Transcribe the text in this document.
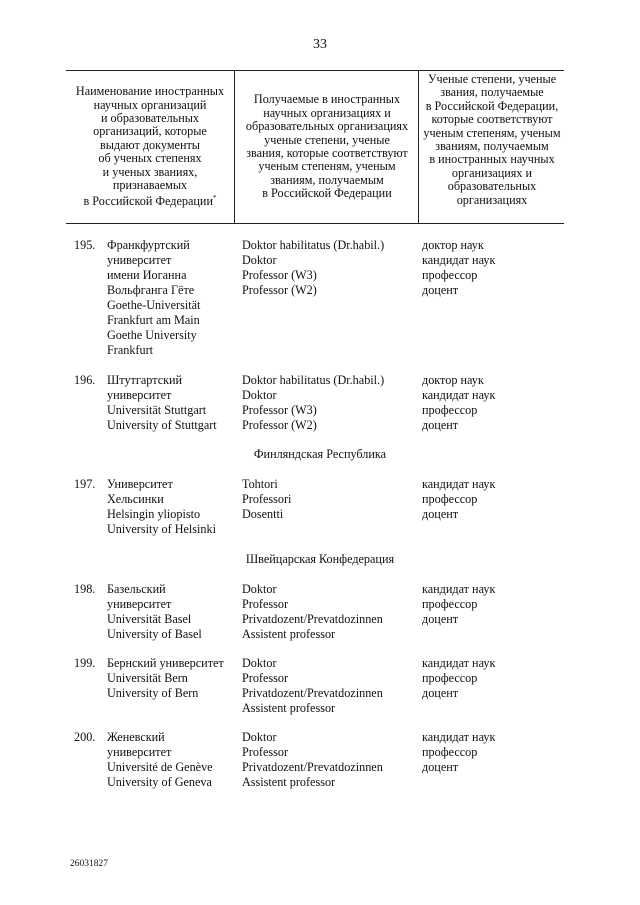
33
Наименование иностранных
научных организаций
и образовательных
организаций, которые
выдают документы
об ученых степенях
и ученых званиях,
признаваемых
в Российской Федерации*
Получаемые в иностранных
научных организациях и
образовательных организациях
ученые степени, ученые
звания, которые соответствуют
ученым степеням, ученым
званиям, получаемым
в Российской Федерации
Ученые степени, ученые
звания, получаемые
в Российской Федерации,
которые соответствуют
ученым степеням, ученым
званиям, получаемым
в иностранных научных
организациях и
образовательных
организациях
195. Франкфуртский
университет
имени Иоганна
Вольфганга Гёте
Goethe-Universität
Frankfurt am Main
Goethe University
Frankfurt
Doktor habilitatus (Dr.habil.)
Doktor
Professor (W3)
Professor (W2)
доктор наук
кандидат наук
профессор
доцент
196. Штутгартский
университет
Universität Stuttgart
University of Stuttgart
Doktor habilitatus (Dr.habil.)
Doktor
Professor (W3)
Professor (W2)
доктор наук
кандидат наук
профессор
доцент
Финляндская Республика
197. Университет
Хельсинки
Helsingin yliopisto
University of Helsinki
Tohtori
Professori
Dosentti
кандидат наук
профессор
доцент
Швейцарская Конфедерация
198. Базельский
университет
Universität Basel
University of Basel
Doktor
Professor
Privatdozent/Prevatdozinnen
Assistent professor
кандидат наук
профессор
доцент
199. Бернский университет
Universität Bern
University of Bern
Doktor
Professor
Privatdozent/Prevatdozinnen
Assistent professor
кандидат наук
профессор
доцент
200. Женевский
университет
Université de Genève
University of Geneva
Doktor
Professor
Privatdozent/Prevatdozinnen
Assistent professor
кандидат наук
профессор
доцент
26031827
